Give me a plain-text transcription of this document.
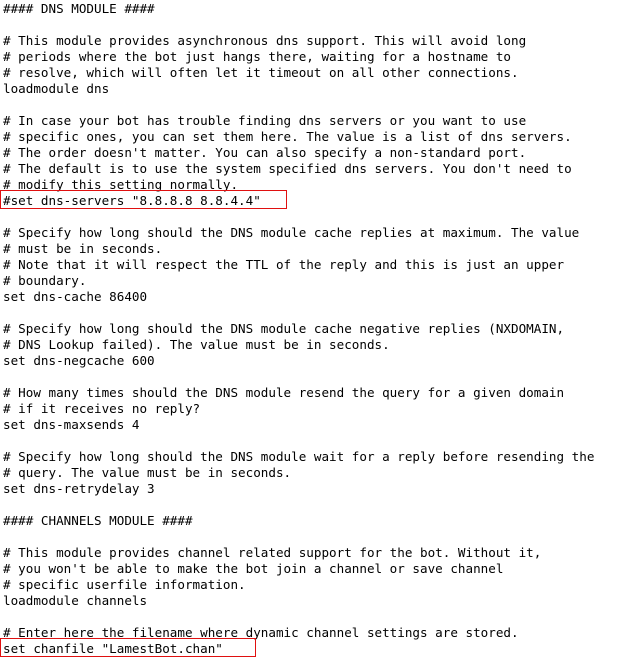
#### DNS MODULE ####
# This module provides asynchronous dns support. This will avoid long
# periods where the bot just hangs there, waiting for a hostname to
# resolve, which will often let it timeout on all other connections.
loadmodule dns
# In case your bot has trouble finding dns servers or you want to use
# specific ones, you can set them here. The value is a list of dns servers.
# The order doesn't matter. You can also specify a non-standard port.
# The default is to use the system specified dns servers. You don't need to
# modify this setting normally.
#set dns-servers "8.8.8.8 8.8.4.4"
# Specify how long should the DNS module cache replies at maximum. The value
# must be in seconds.
# Note that it will respect the TTL of the reply and this is just an upper
# boundary.
set dns-cache 86400
# Specify how long should the DNS module cache negative replies (NXDOMAIN,
# DNS Lookup failed). The value must be in seconds.
set dns-negcache 600
# How many times should the DNS module resend the query for a given domain
# if it receives no reply?
set dns-maxsends 4
# Specify how long should the DNS module wait for a reply before resending the
# query. The value must be in seconds.
set dns-retrydelay 3
#### CHANNELS MODULE ####
# This module provides channel related support for the bot. Without it,
# you won't be able to make the bot join a channel or save channel
# specific userfile information.
loadmodule channels
# Enter here the filename where dynamic channel settings are stored.
set chanfile "LamestBot.chan"
